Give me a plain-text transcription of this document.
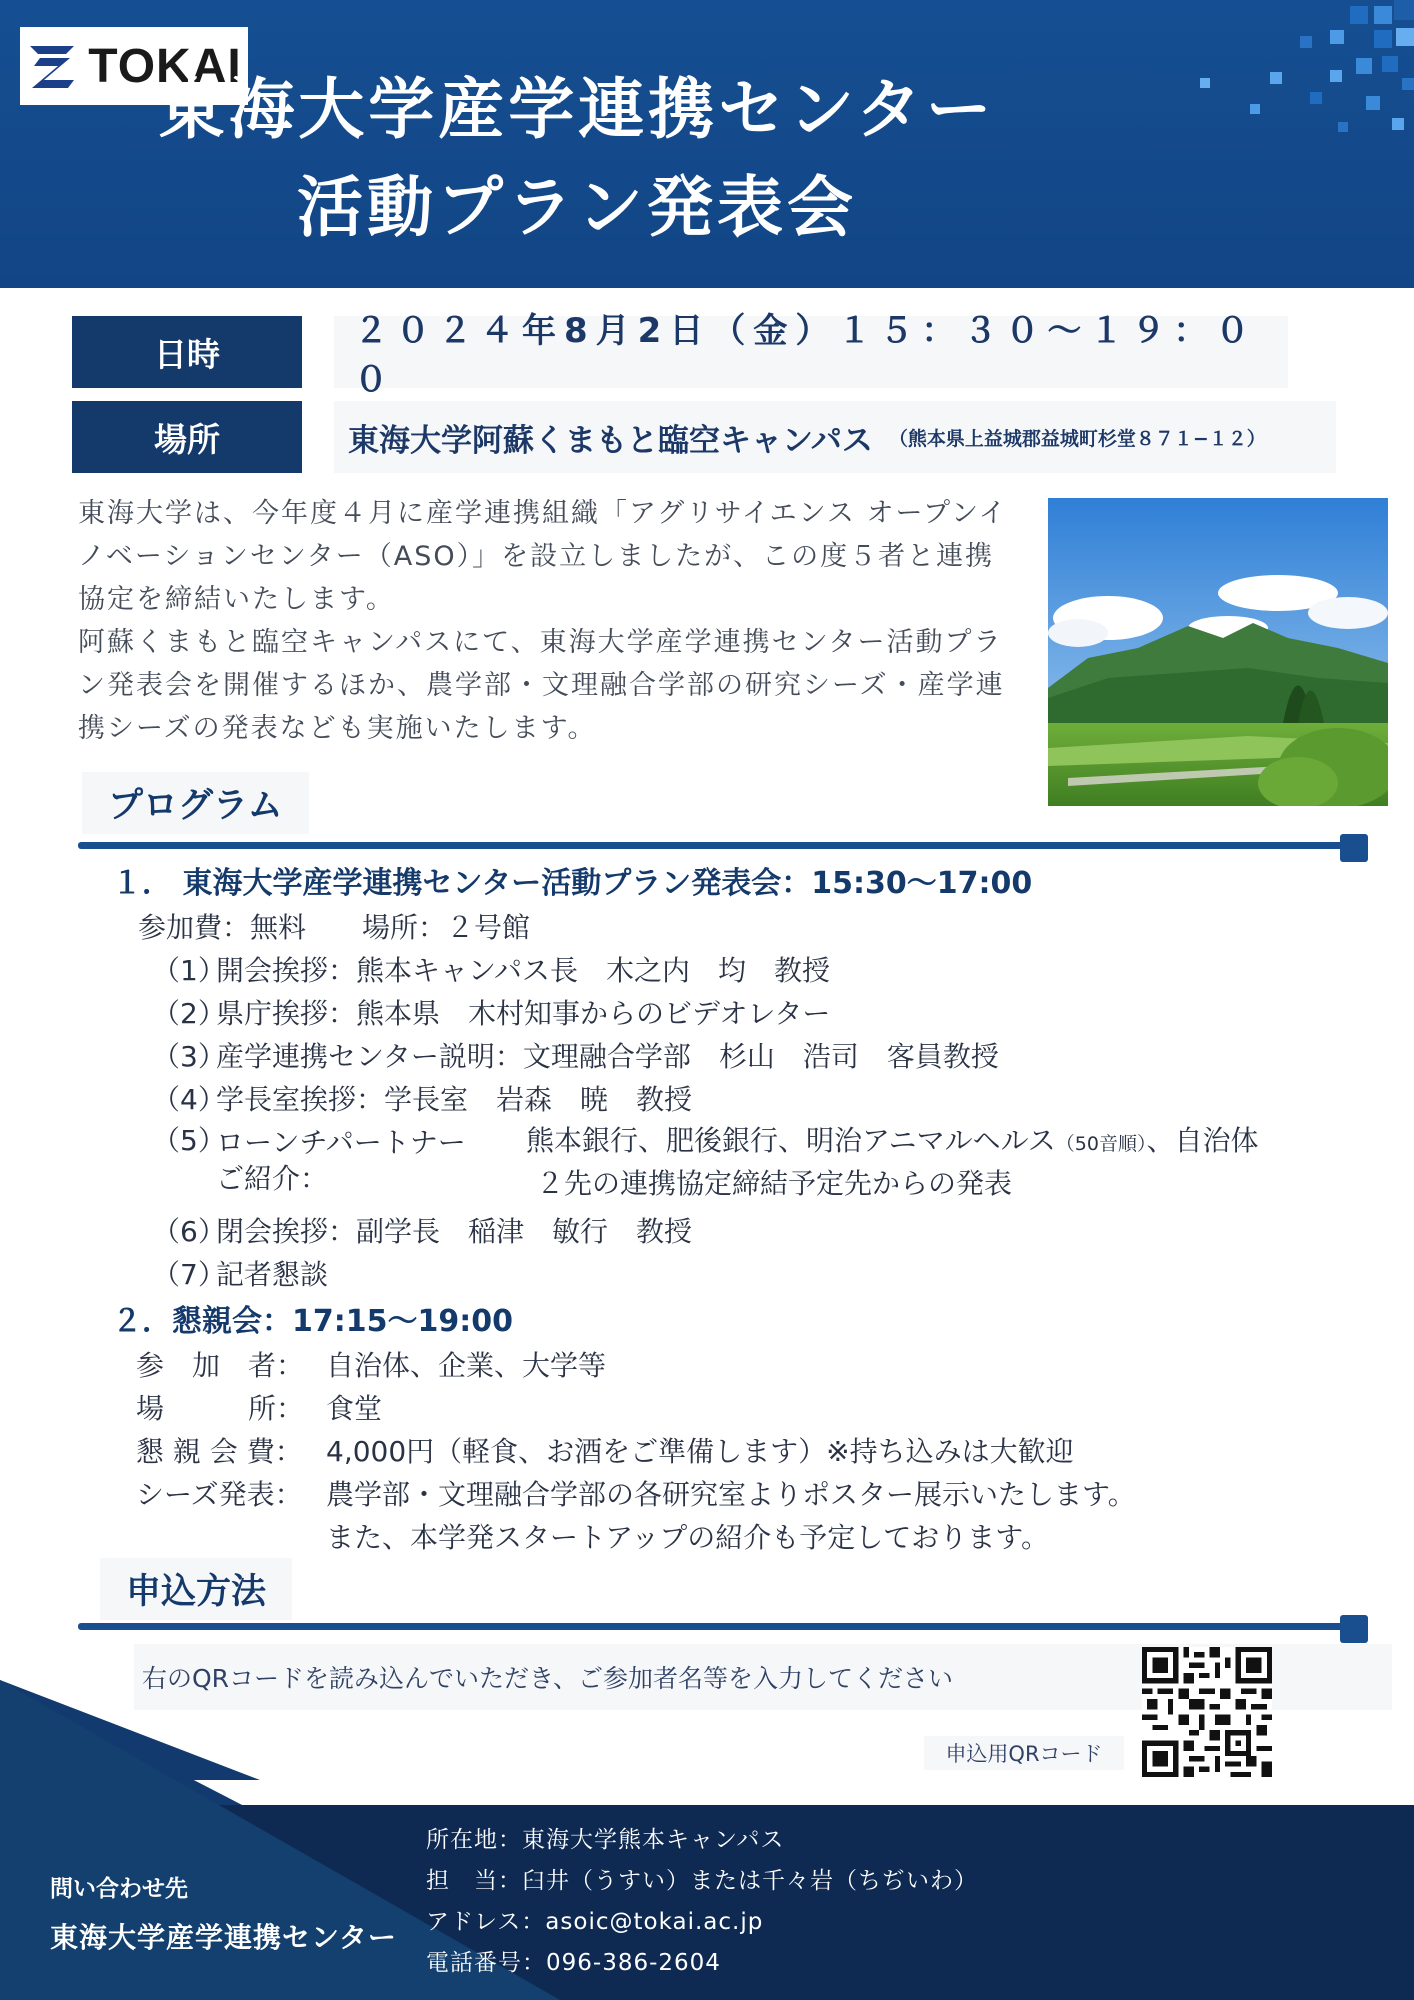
TOKAI
東海大学産学連携センター
活動プラン発表会
日時
２０２４年8月2日（金）１５：３０〜１９：００
場所	東海大学阿蘇くまもと臨空キャンパス （熊本県上益城郡益城町杉堂８７１−１２）

東海大学は、今年度４月に産学連携組織「アグリサイエンス オープンイノベーションセンター（ASO）」を設立しましたが、この度５者と連携協定を締結いたします。

阿蘇くまもと臨空キャンパスにて、東海大学産学連携センター活動プラン発表会を開催するほか、農学部・文理融合学部の研究シーズ・産学連携シーズの発表なども実施いたします。

プログラム
１． 東海大学産学連携センター活動プラン発表会：15:30〜17:00
参加費：無料　　場所：２号館
（1）
開会挨拶：熊本キャンパス長　木之内　均　教授
（2）
県庁挨拶：熊本県　木村知事からのビデオレター
（3）
産学連携センター説明：文理融合学部　杉山　浩司　客員教授
（4）
学長室挨拶：学長室　岩森　暁　教授
（5）
ローンチパートナー
ご紹介：
熊本銀行、肥後銀行、明治アニマルヘルス（50音順）、自治体
２先の連携協定締結予定先からの発表
（6）
閉会挨拶：副学長　稲津　敏行　教授
（7）
記者懇談
２．懇親会：17:15〜19:00
参　加　者： 自治体、企業、大学等
場　　　所： 食堂
懇 親 会 費： 4,000円（軽食、お酒をご準備します）※持ち込みは大歓迎
シーズ発表： 農学部・文理融合学部の各研究室よりポスター展示いたします。
また、本学発スタートアップの紹介も予定しております。
申込方法
右のQRコードを読み込んでいただき、ご参加者名等を入力してください
申込用QRコード
問い合わせ先
東海大学産学連携センター
所在地：東海大学熊本キャンパス
担　当：臼井（うすい）または千々岩（ちぢいわ）
アドレス：asoic@tokai.ac.jp
電話番号：096-386-2604
